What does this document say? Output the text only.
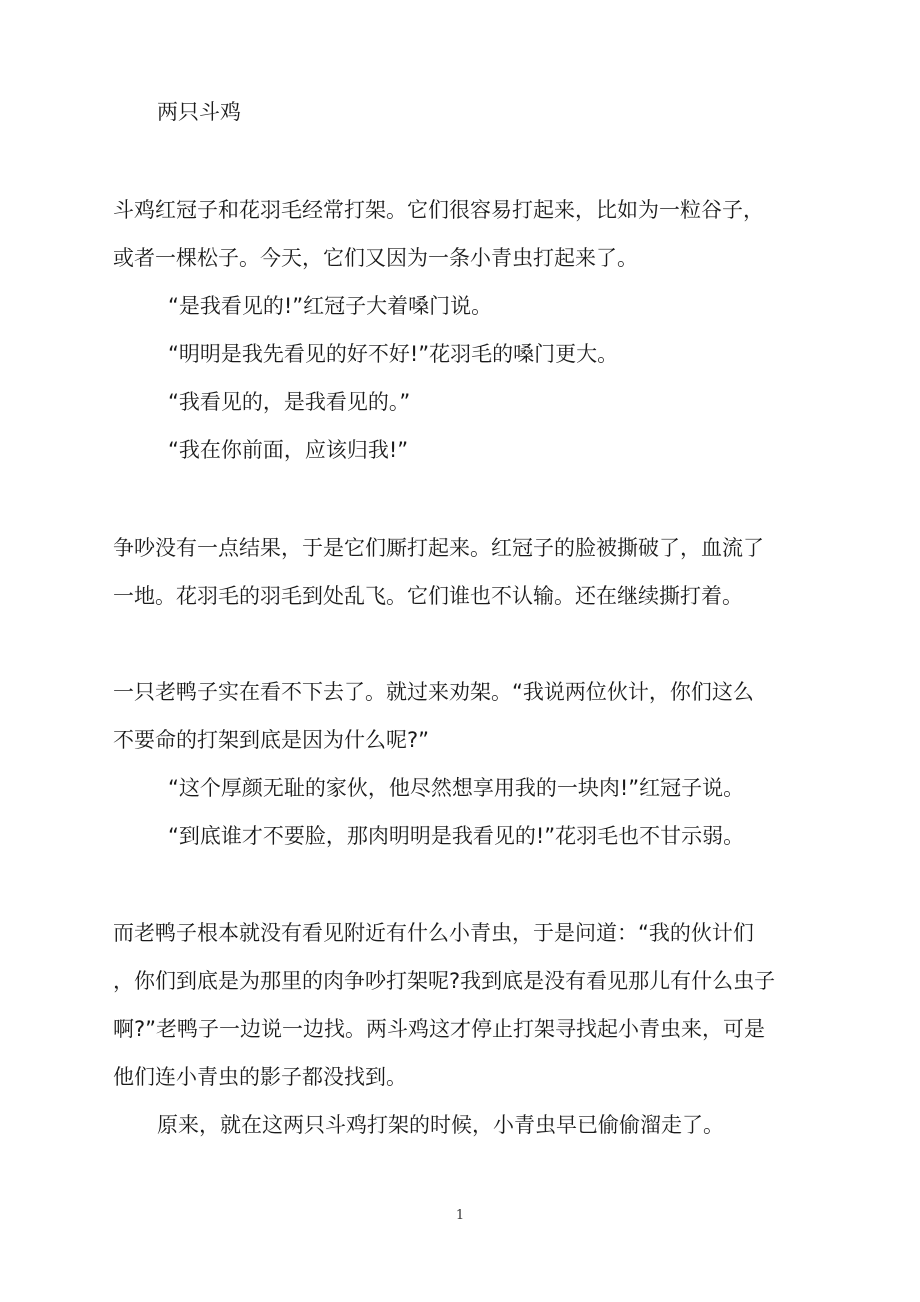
两只斗鸡
斗鸡红冠子和花羽毛经常打架。它们很容易打起来，比如为一粒谷子，
或者一棵松子。今天，它们又因为一条小青虫打起来了。
“是我看见的!”红冠子大着嗓门说。
“明明是我先看见的好不好!”花羽毛的嗓门更大。
“我看见的，是我看见的。”
“我在你前面，应该归我!”
争吵没有一点结果，于是它们厮打起来。红冠子的脸被撕破了，血流了
一地。花羽毛的羽毛到处乱飞。它们谁也不认输。还在继续撕打着。
一只老鸭子实在看不下去了。就过来劝架。“我说两位伙计，你们这么
不要命的打架到底是因为什么呢?”
“这个厚颜无耻的家伙，他尽然想享用我的一块肉!”红冠子说。
“到底谁才不要脸，那肉明明是我看见的!”花羽毛也不甘示弱。
而老鸭子根本就没有看见附近有什么小青虫，于是问道：“我的伙计们
，你们到底是为那里的肉争吵打架呢?我到底是没有看见那儿有什么虫子
啊?”老鸭子一边说一边找。两斗鸡这才停止打架寻找起小青虫来，可是
他们连小青虫的影子都没找到。
原来，就在这两只斗鸡打架的时候，小青虫早已偷偷溜走了。
1
